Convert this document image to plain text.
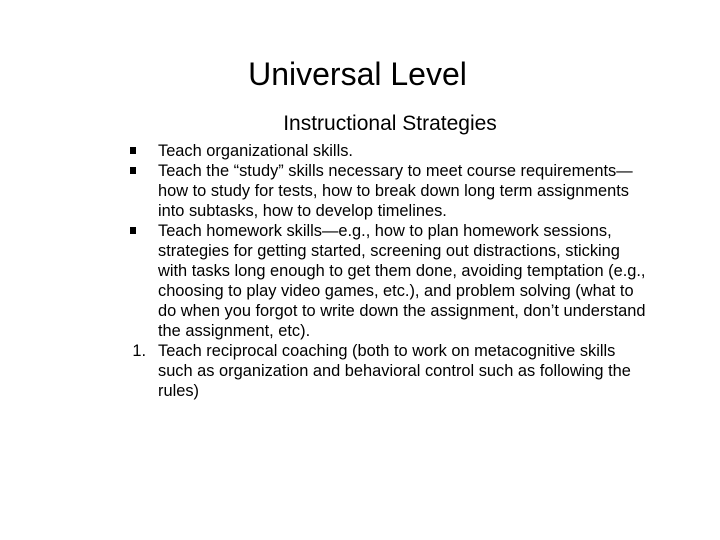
Universal Level
Instructional Strategies
Teach organizational skills.
Teach the “study” skills necessary to meet course requirements—how to study for tests, how to break down long term assignments into subtasks, how to develop timelines.
Teach homework skills—e.g., how to plan homework sessions, strategies for getting started, screening out distractions, sticking with tasks long enough to get them done, avoiding temptation (e.g., choosing to play video games, etc.), and problem solving (what to do when you forgot to write down the assignment, don’t understand the assignment, etc).
1. Teach reciprocal coaching (both to work on metacognitive skills such as organization and behavioral control such as following the rules)
